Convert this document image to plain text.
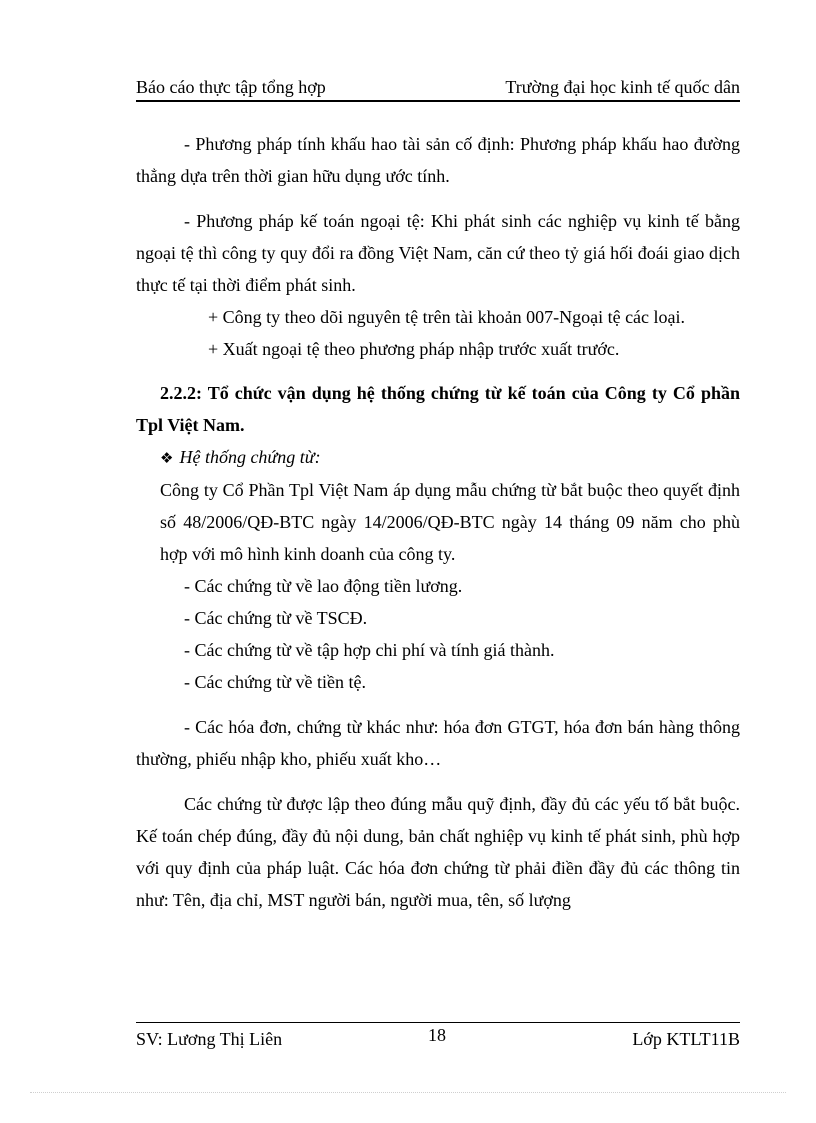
Báo cáo thực tập tổng hợp	Trường đại học kinh tế quốc dân

- Phương pháp tính khấu hao tài sản cố định: Phương pháp khấu hao đường thẳng dựa trên thời gian hữu dụng ước tính.

- Phương pháp kế toán ngoại tệ: Khi phát sinh các nghiệp vụ kinh tế bằng ngoại tệ thì công ty quy đổi ra đồng Việt Nam, căn cứ theo tỷ giá hối đoái giao dịch thực tế tại thời điểm phát sinh.

+ Công ty theo dõi nguyên tệ trên tài khoản 007-Ngoại tệ các loại.

+ Xuất ngoại tệ theo phương pháp nhập trước xuất trước.

2.2.2: Tổ chức vận dụng hệ thống chứng từ kế toán của Công ty Cổ phần Tpl Việt Nam.

❖ Hệ thống chứng từ:

Công ty Cổ Phần Tpl Việt Nam áp dụng mẫu chứng từ bắt buộc theo quyết định số 48/2006/QĐ-BTC ngày 14/2006/QĐ-BTC ngày 14 tháng 09 năm cho phù hợp với mô hình kinh doanh của công ty.

- Các chứng từ về lao động tiền lương.

- Các chứng từ về TSCĐ.

- Các chứng từ về tập hợp chi phí và tính giá thành.

- Các chứng từ về tiền tệ.

- Các hóa đơn, chứng từ khác như: hóa đơn GTGT, hóa đơn bán hàng thông thường, phiếu nhập kho, phiếu xuất kho…

Các chứng từ được lập theo đúng mẫu quỹ định, đầy đủ các yếu tố bắt buộc. Kế toán chép đúng, đầy đủ nội dung, bản chất nghiệp vụ kinh tế phát sinh, phù hợp với quy định của pháp luật. Các hóa đơn chứng từ phải điền đầy đủ các thông tin như: Tên, địa chỉ, MST người bán, người mua, tên, số lượng

SV: Lương Thị Liên	18	Lớp KTLT11B
